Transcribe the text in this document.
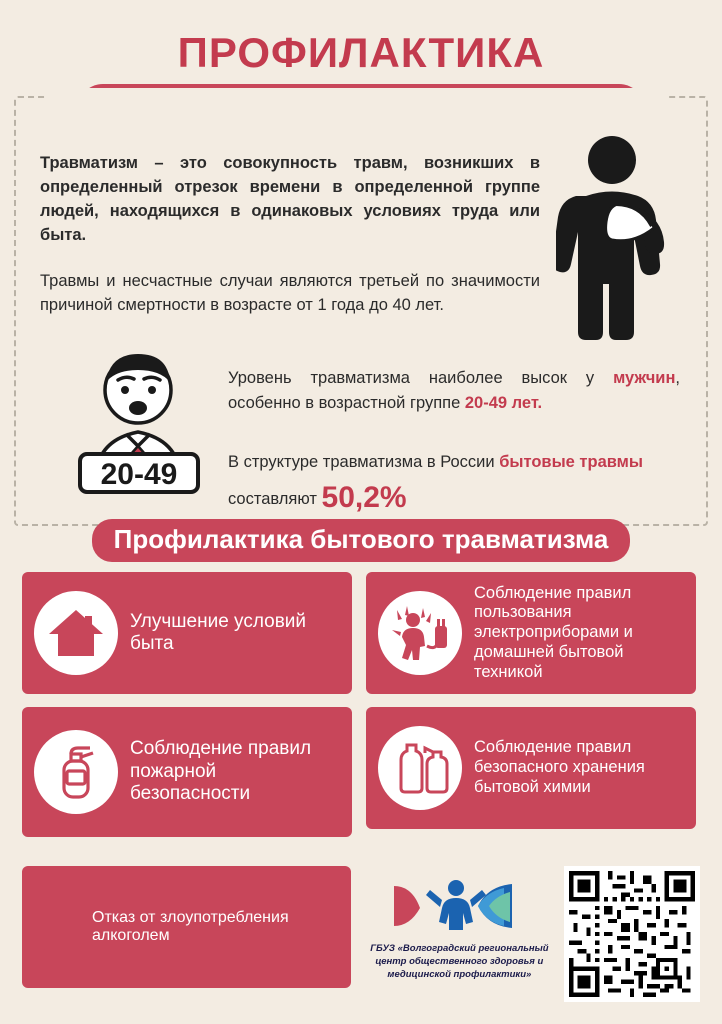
ПРОФИЛАКТИКА

Травматизм – это совокупность травм, возникших в определенный отрезок времени в определенной группе людей, находящихся в одинаковых условиях труда или быта.

Травмы и несчастные случаи являются третьей по значимости причиной смертности в возрасте от 1 года до 40 лет.

20-49
Уровень травматизма наиболее высок у мужчин, особенно в возрастной группе 20-49 лет.
В структуре травматизма в России бытовые травмы составляют 50,2%
Профилактика бытового травматизма
Улучшение условий быта
Соблюдение правил пользования электроприборами и домашней бытовой техникой
Соблюдение правил пожарной безопасности
Соблюдение правил безопасного хранения бытовой химии
Отказ от злоупотребления алкоголем
ГБУЗ «Волгоградский региональный центр общественного здоровья и медицинской профилактики»
